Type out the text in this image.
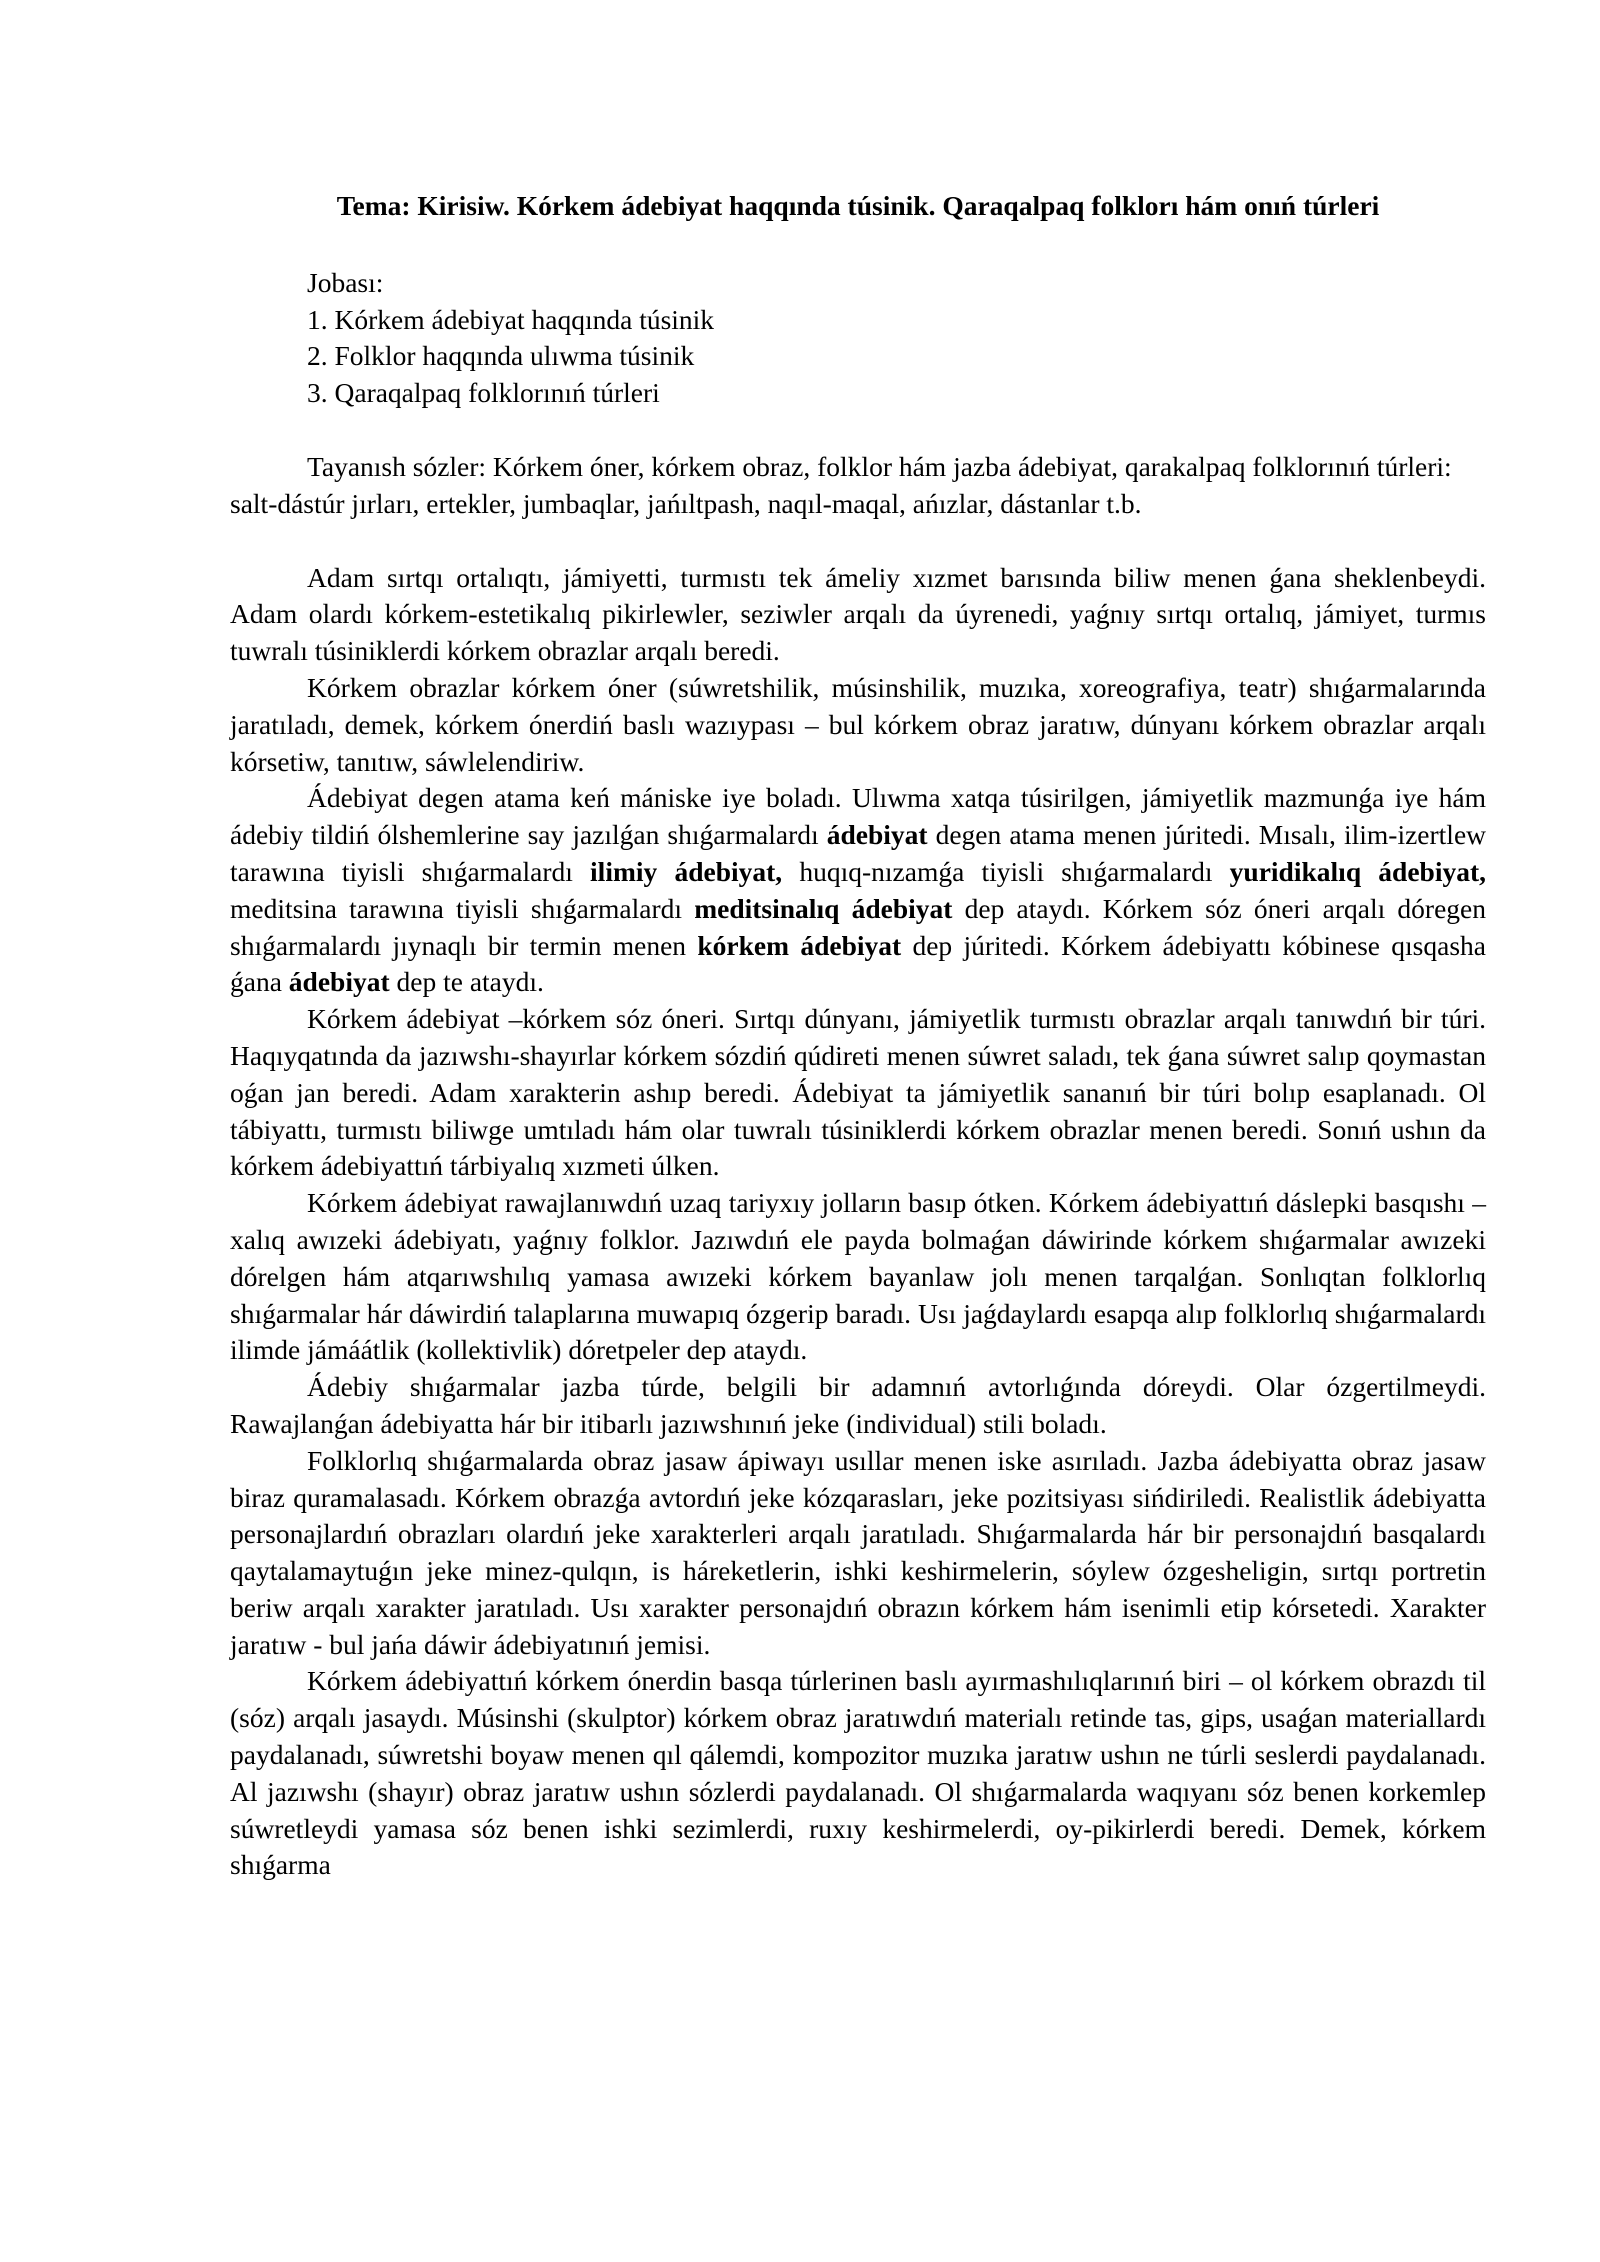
Tema: Kirisiw. Kórkem ádebiyat haqqında túsinik. Qaraqalpaq folklorı hám onıń túrleri
Jobası:
1. Kórkem ádebiyat haqqında túsinik
2. Folklor haqqında ulıwma túsinik
3. Qaraqalpaq folklorınıń túrleri

Tayanısh sózler: Kórkem óner, kórkem obraz, folklor hám jazba ádebiyat, qarakalpaq folklorınıń túrleri: salt-dástúr jırları, ertekler, jumbaqlar, jańıltpash, naqıl-maqal, ańızlar, dástanlar t.b.

Adam sırtqı ortalıqtı, jámiyetti, turmıstı tek ámeliy xızmet barısında biliw menen ǵana sheklenbeydi. Adam olardı kórkem-estetikalıq pikirlewler, seziwler arqalı da úyrenedi, yaǵnıy sırtqı ortalıq, jámiyet, turmıs tuwralı túsiniklerdi kórkem obrazlar arqalı beredi.

Kórkem obrazlar kórkem óner (súwretshilik, músinshilik, muzıka, xoreografiya, teatr) shıǵarmalarında jaratıladı, demek, kórkem ónerdiń baslı wazıypası – bul kórkem obraz jaratıw, dúnyanı kórkem obrazlar arqalı kórsetiw, tanıtıw, sáwlelendiriw.

Ádebiyat degen atama keń mániske iye boladı. Ulıwma xatqa túsirilgen, jámiyetlik mazmunǵa iye hám ádebiy tildiń ólshemlerine say jazılǵan shıǵarmalardı ádebiyat degen atama menen júritedi. Mısalı, ilim-izertlew tarawına tiyisli shıǵarmalardı ilimiy ádebiyat, huqıq-nızamǵa tiyisli shıǵarmalardı yuridikalıq ádebiyat, meditsina tarawına tiyisli shıǵarmalardı meditsinalıq ádebiyat dep ataydı. Kórkem sóz óneri arqalı dóregen shıǵarmalardı jıynaqlı bir termin menen kórkem ádebiyat dep júritedi. Kórkem ádebiyattı kóbinese qısqasha ǵana ádebiyat dep te ataydı.

Kórkem ádebiyat –kórkem sóz óneri. Sırtqı dúnyanı, jámiyetlik turmıstı obrazlar arqalı tanıwdıń bir túri. Haqıyqatında da jazıwshı-shayırlar kórkem sózdiń qúdireti menen súwret saladı, tek ǵana súwret salıp qoymastan oǵan jan beredi. Adam xarakterin ashıp beredi. Ádebiyat ta jámiyetlik sananıń bir túri bolıp esaplanadı. Ol tábiyattı, turmıstı biliwge umtıladı hám olar tuwralı túsiniklerdi kórkem obrazlar menen beredi. Sonıń ushın da kórkem ádebiyattıń tárbiyalıq xızmeti úlken.

Kórkem ádebiyat rawajlanıwdıń uzaq tariyxıy jolların basıp ótken. Kórkem ádebiyattıń dáslepki basqıshı – xalıq awızeki ádebiyatı, yaǵnıy folklor. Jazıwdıń ele payda bolmaǵan dáwirinde kórkem shıǵarmalar awızeki dórelgen hám atqarıwshılıq yamasa awızeki kórkem bayanlaw jolı menen tarqalǵan. Sonlıqtan folklorlıq shıǵarmalar hár dáwirdiń talaplarına muwapıq ózgerip baradı. Usı jaǵdaylardı esapqa alıp folklorlıq shıǵarmalardı ilimde jámáátlik (kollektivlik) dóretpeler dep ataydı.

Ádebiy shıǵarmalar jazba túrde, belgili bir adamnıń avtorlıǵında dóreydi. Olar ózgertilmeydi. Rawajlanǵan ádebiyatta hár bir itibarlı jazıwshınıń jeke (individual) stili boladı.

Folklorlıq shıǵarmalarda obraz jasaw ápiwayı usıllar menen iske asırıladı. Jazba ádebiyatta obraz jasaw biraz quramalasadı. Kórkem obrazǵa avtordıń jeke kózqarasları, jeke pozitsiyası sińdiriledi. Realistlik ádebiyatta personajlardıń obrazları olardıń jeke xarakterleri arqalı jaratıladı. Shıǵarmalarda hár bir personajdıń basqalardı qaytalamaytuǵın jeke minez-qulqın, is háreketlerin, ishki keshirmelerin, sóylew ózgesheligin, sırtqı portretin beriw arqalı xarakter jaratıladı. Usı xarakter personajdıń obrazın kórkem hám isenimli etip kórsetedi. Xarakter jaratıw - bul jańa dáwir ádebiyatınıń jemisi.

Kórkem ádebiyattıń kórkem ónerdin basqa túrlerinen baslı ayırmashılıqlarınıń biri – ol kórkem obrazdı til (sóz) arqalı jasaydı. Músinshi (skulptor) kórkem obraz jaratıwdıń materialı retinde tas, gips, usaǵan materiallardı paydalanadı, súwretshi boyaw menen qıl qálemdi, kompozitor muzıka jaratıw ushın ne túrli seslerdi paydalanadı. Al jazıwshı (shayır) obraz jaratıw ushın sózlerdi paydalanadı. Ol shıǵarmalarda waqıyanı sóz benen korkemlep súwretleydi yamasa sóz benen ishki sezimlerdi, ruxıy keshirmelerdi, oy-pikirlerdi beredi. Demek, kórkem shıǵarma
